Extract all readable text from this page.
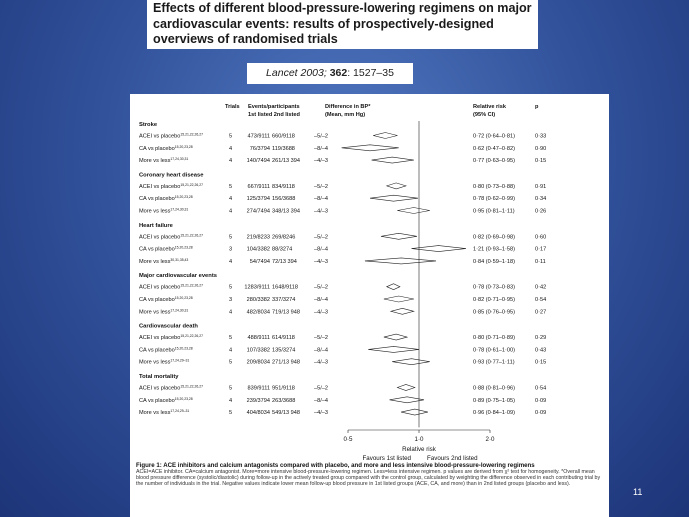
Effects of different blood-pressure-lowering regimens on major
cardiovascular events: results of prospectively-designed
overviews of randomised trials
Lancet 2003; 362: 1527–35
Trials Events/participants
1st listed 2nd listed
Difference in BP*
(Mean, mm Hg)
Relative risk
(95% CI)
p
Stroke
ACEI vs placebo$^{15,21,22,26,27}$	5	473/9111 660/9118	–5/–2	0·72 (0·64–0·81)	0·33
CA vs placebo$^{15,20,23,28}$	4	76/3794 119/3688	–8/–4	0·62 (0·47–0·82)	0·90
More vs less$^{17,24,30,31}$	4	140/7494 261/13 394	–4/–3	0·77 (0·63–0·95)	0·15
Coronary heart disease
ACEI vs placebo$^{15,21,22,26,27}$	5	667/9111 834/9118	–5/–2	0·80 (0·73–0·88)	0·91
CA vs placebo$^{15,20,23,28}$	4	125/3794 156/3688	–8/–4	0·78 (0·62–0·99)	0·34
More vs less$^{17,24,30,31}$	4	274/7494 348/13 394	–4/–3	0·95 (0·81–1·11)	0·26
Heart failure
ACEI vs placebo$^{15,21,22,26,27}$	5	219/8233 269/8246	–5/–2	0·82 (0·69–0·98)	0·60
CA vs placebo$^{15,20,23,28}$	3	104/3382 88/3274	–8/–4	1·21 (0·93–1·58)	0·17
More vs less$^{30,31,35,43}$	4	54/7494 72/13 394	–4/–3	0·84 (0·59–1·18)	0·11
Major cardiovascular events
ACEI vs placebo$^{15,21,22,26,27}$	5 1283/9111 1648/9118	–5/–2	0·78 (0·73–0·83)	0·42
CA vs placebo$^{15,20,23,28}$	3	280/3382 337/3274	–8/–4	0·82 (0·71–0·95)	0·54
More vs less$^{17,24,30,31}$	4	482/8034 719/13 948	–4/–3	0·85 (0·76–0·95)	0·27
Cardiovascular death
ACEI vs placebo$^{15,21,22,26,27}$	5	488/9111 614/9118	–5/–2	0·80 (0·71–0·89)	0·29
CA vs placebo$^{15,20,23,28}$	4	107/3382 135/3274	–8/–4	0·78 (0·61–1·00)	0·43
More vs less$^{17,24,29-31}$	5	209/8034 271/13 948	–4/–3	0·93 (0·77–1·11)	0·15
Total mortality
ACEI vs placebo$^{15,21,22,26,27}$	5	839/9111 951/9118	–5/–2	0·88 (0·81–0·96)	0·54
CA vs placebo$^{15,20,23,28}$	4	239/3794 263/3688	–8/–4	0·89 (0·75–1·05)	0·09
More vs less$^{17,24,29-31}$	5	404/8034 549/13 948	–4/–3	0·96 (0·84–1·09)	0·09
0·5	1·0	2·0
Relative risk
Favours 1st listed	Favours 2nd listed
Figure 1: ACE inhibitors and calcium antagonists compared with placebo, and more and less intensive blood-pressure-lowering regimens
ACEI=ACE inhibitor. CA=calcium antagonist. More=more intensive blood-pressure-lowering regimen. Less=less intensive regimen. p values are derived from χ² test for homogeneity. *Overall mean blood pressure difference (systolic/diastolic) during follow-up in the actively treated group compared with the control group, calculated by weighting the difference observed in each contributing trial by the number of individuals in the trial. Negative values indicate lower mean follow-up blood pressure in 1st listed groups (ACE, CA, and more) than in 2nd listed groups (placebo and less).
11
